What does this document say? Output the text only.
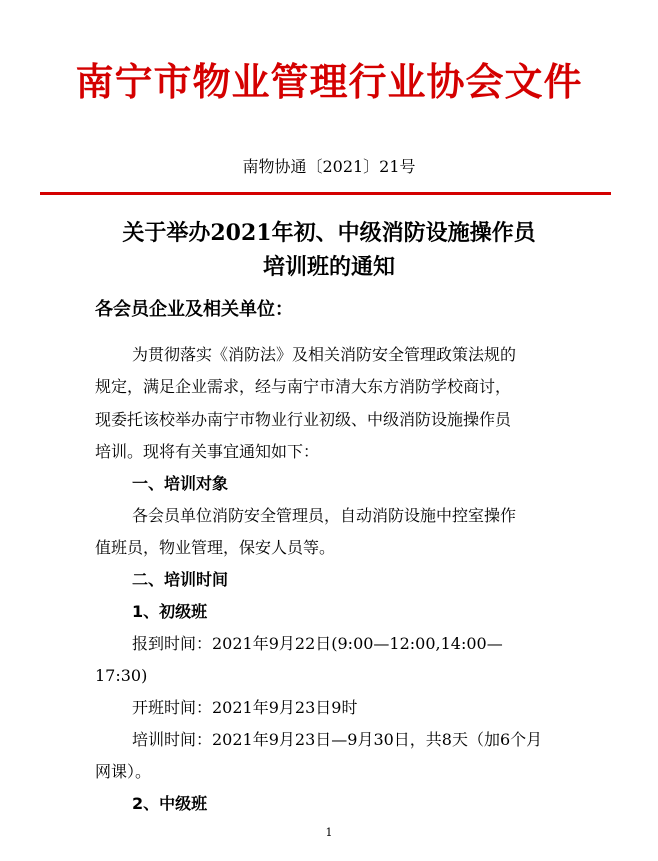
南宁市物业管理行业协会文件
南物协通〔2021〕21号
关于举办2021年初、中级消防设施操作员
培训班的通知
各会员企业及相关单位：
为贯彻落实《消防法》及相关消防安全管理政策法规的
规定，满足企业需求，经与南宁市清大东方消防学校商讨，
现委托该校举办南宁市物业行业初级、中级消防设施操作员
培训。现将有关事宜通知如下：
一、培训对象
各会员单位消防安全管理员，自动消防设施中控室操作
值班员，物业管理，保安人员等。
二、培训时间
1、初级班
报到时间：2021年9月22日(9:00—12:00,14:00—
17:30)
开班时间：2021年9月23日9时
培训时间：2021年9月23日—9月30日，共8天（加6个月
网课）。
2、中级班
1
